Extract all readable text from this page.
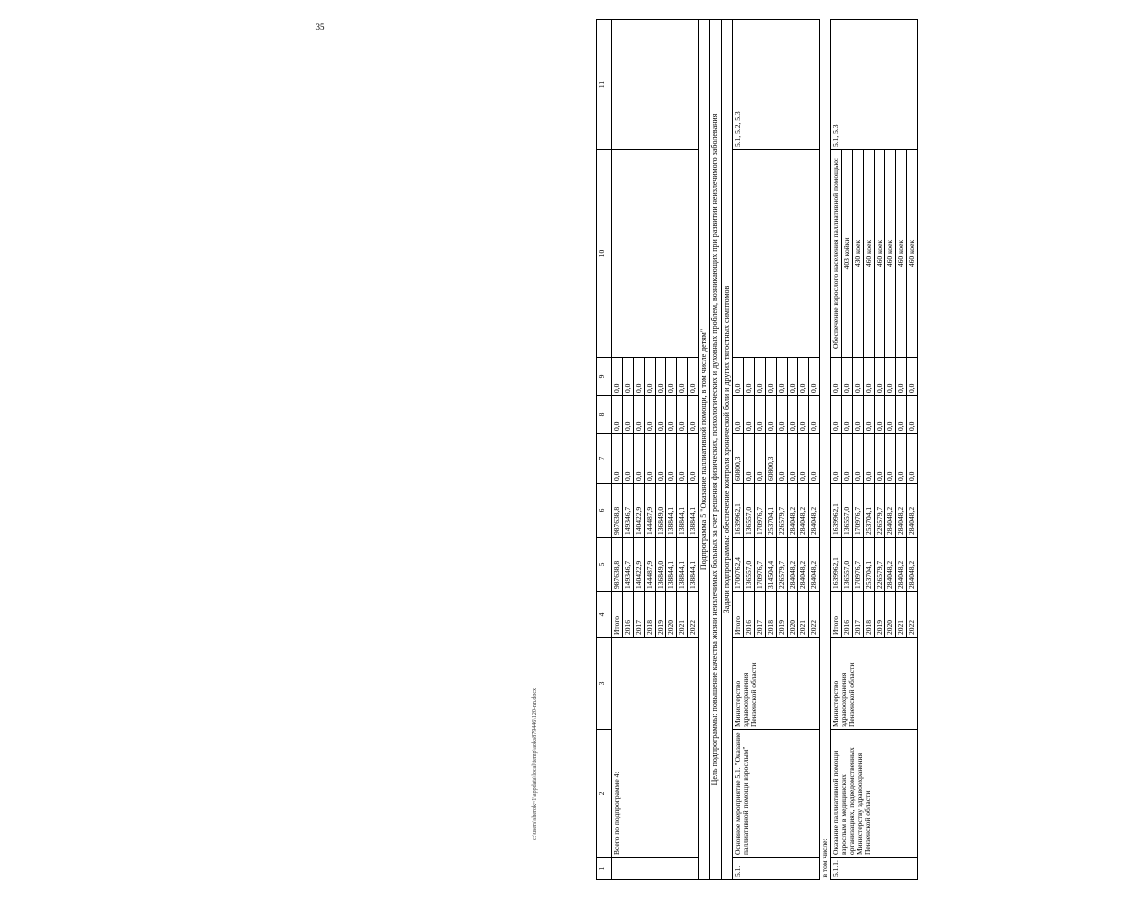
35
c:\users\sherok~1\appdata\local\temp\aoks879446\120-nn.docx
1	2	3	4	5	6	7	8	9	10	11
	Всего по подпрограмме 4:		Итого	987638,8	987638,8	0,0	0,0	0,0		
			2016	149346,7	149346,7	0,0	0,0	0,0		
			2017	140422,9	140422,9	0,0	0,0	0,0		
			2018	144487,9	144487,9	0,0	0,0	0,0		
			2019	136849,0	136849,0	0,0	0,0	0,0		
			2020	138844,1	138844,1	0,0	0,0	0,0		
			2021	138844,1	138844,1	0,0	0,0	0,0		
			2022	138844,1	138844,1	0,0	0,0	0,0		
Подпрограмма 5 "Оказание паллиативной помощи, в том числе детям"										
Цель подпрограммы: повышение качества жизни неизлечимых больных за счет решения физических, психологических и духовных проблем, возникающих при развитии неизлечимого заболевания										
Задачи подпрограммы: обеспечение контроля хронической боли и других тягостных симптомов										
5.1.	Основное мероприятие 5.1. "Оказание паллиативной помощи взрослым"	Министерство здравоохранения Пензенской области	Итого	1700762,4	1639962,1	60800,3	0,0	0,0		5.1, 5.2, 5.3
			2016	136557,0	136557,0	0,0	0,0	0,0		
			2017	170976,7	170976,7	0,0	0,0	0,0		
			2018	314504,4	253704,1	60800,3	0,0	0,0		
			2019	226579,7	226579,7	0,0	0,0	0,0		
			2020	284048,2	284048,2	0,0	0,0	0,0		
			2021	284048,2	284048,2	0,0	0,0	0,0		
			2022	284048,2	284048,2	0,0	0,0	0,0		
в том числе:										
5.1.1.	Оказание паллиативной помощи взрослым в медицинских организациях, подведомственных Министерству здравоохранения Пензенской области	Министерство здравоохранения Пензенской области	Итого	1639962,1	1639962,1	0,0	0,0	0,0	Обеспечение взрослого населения паллиативной помощью:	5.1, 5.3
			2016	136557,0	136557,0	0,0	0,0	0,0	403 койки	
			2017	170976,7	170976,7	0,0	0,0	0,0	430 коек	
			2018	253704,1	253704,1	0,0	0,0	0,0	460 коек	
			2019	226579,7	226579,7	0,0	0,0	0,0	460 коек	
			2020	284048,2	284048,2	0,0	0,0	0,0	460 коек	
			2021	284048,2	284048,2	0,0	0,0	0,0	460 коек	
			2022	284048,2	284048,2	0,0	0,0	0,0	460 коек	
